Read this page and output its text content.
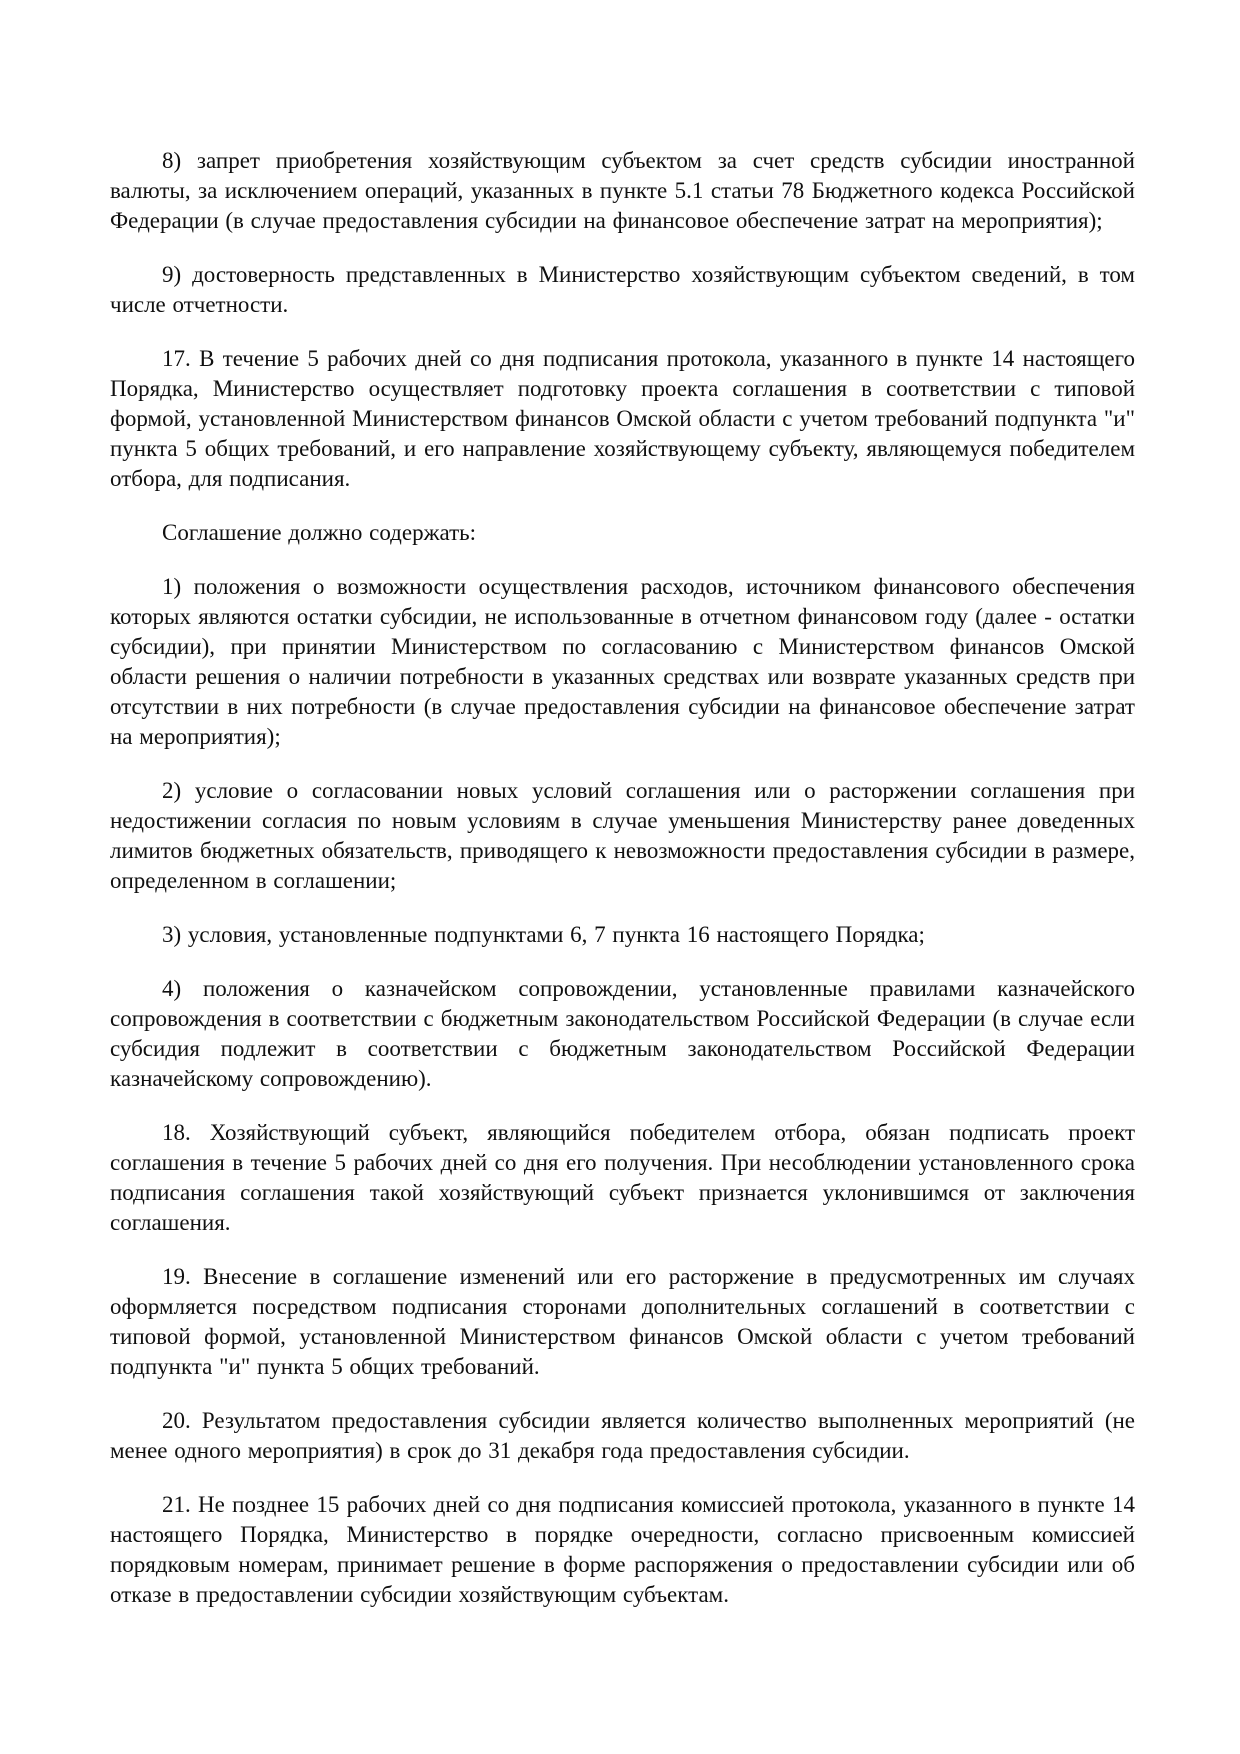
8) запрет приобретения хозяйствующим субъектом за счет средств субсидии иностранной валюты, за исключением операций, указанных в пункте 5.1 статьи 78 Бюджетного кодекса Российской Федерации (в случае предоставления субсидии на финансовое обеспечение затрат на мероприятия);

9) достоверность представленных в Министерство хозяйствующим субъектом сведений, в том числе отчетности.

17. В течение 5 рабочих дней со дня подписания протокола, указанного в пункте 14 настоящего Порядка, Министерство осуществляет подготовку проекта соглашения в соответствии с типовой формой, установленной Министерством финансов Омской области с учетом требований подпункта "и" пункта 5 общих требований, и его направление хозяйствующему субъекту, являющемуся победителем отбора, для подписания.

Соглашение должно содержать:

1) положения о возможности осуществления расходов, источником финансового обеспечения которых являются остатки субсидии, не использованные в отчетном финансовом году (далее - остатки субсидии), при принятии Министерством по согласованию с Министерством финансов Омской области решения о наличии потребности в указанных средствах или возврате указанных средств при отсутствии в них потребности (в случае предоставления субсидии на финансовое обеспечение затрат на мероприятия);

2) условие о согласовании новых условий соглашения или о расторжении соглашения при недостижении согласия по новым условиям в случае уменьшения Министерству ранее доведенных лимитов бюджетных обязательств, приводящего к невозможности предоставления субсидии в размере, определенном в соглашении;

3) условия, установленные подпунктами 6, 7 пункта 16 настоящего Порядка;

4) положения о казначейском сопровождении, установленные правилами казначейского сопровождения в соответствии с бюджетным законодательством Российской Федерации (в случае если субсидия подлежит в соответствии с бюджетным законодательством Российской Федерации казначейскому сопровождению).

18. Хозяйствующий субъект, являющийся победителем отбора, обязан подписать проект соглашения в течение 5 рабочих дней со дня его получения. При несоблюдении установленного срока подписания соглашения такой хозяйствующий субъект признается уклонившимся от заключения соглашения.

19. Внесение в соглашение изменений или его расторжение в предусмотренных им случаях оформляется посредством подписания сторонами дополнительных соглашений в соответствии с типовой формой, установленной Министерством финансов Омской области с учетом требований подпункта "и" пункта 5 общих требований.

20. Результатом предоставления субсидии является количество выполненных мероприятий (не менее одного мероприятия) в срок до 31 декабря года предоставления субсидии.

21. Не позднее 15 рабочих дней со дня подписания комиссией протокола, указанного в пункте 14 настоящего Порядка, Министерство в порядке очередности, согласно присвоенным комиссией порядковым номерам, принимает решение в форме распоряжения о предоставлении субсидии или об отказе в предоставлении субсидии хозяйствующим субъектам.
